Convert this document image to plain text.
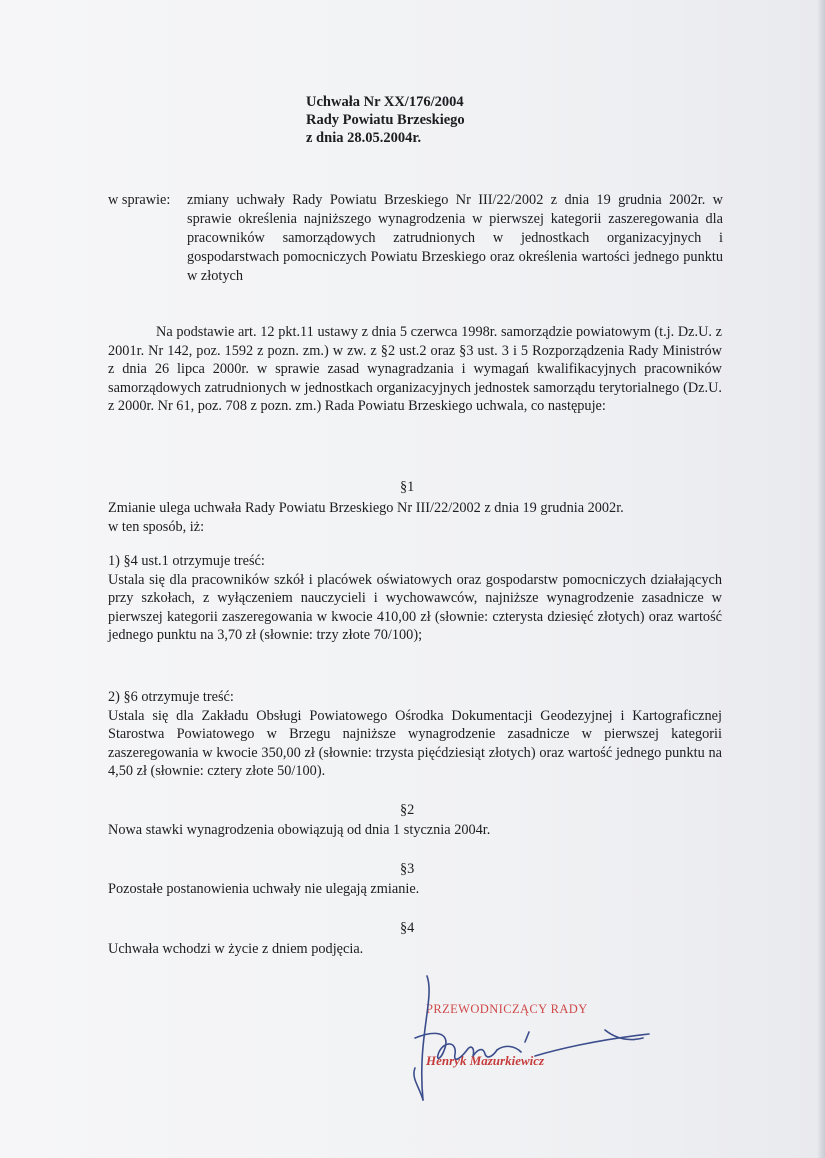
Uchwała Nr XX/176/2004
Rady Powiatu Brzeskiego
z dnia 28.05.2004r.
w sprawie: zmiany uchwały Rady Powiatu Brzeskiego Nr III/22/2002 z dnia 19 grudnia 2002r. w sprawie określenia najniższego wynagrodzenia w pierwszej kategorii zaszeregowania dla pracowników samorządowych zatrudnionych w jednostkach organizacyjnych i gospodarstwach pomocniczych Powiatu Brzeskiego oraz określenia wartości jednego punktu w złotych
Na podstawie art. 12 pkt.11 ustawy z dnia 5 czerwca 1998r. samorządzie powiatowym (t.j. Dz.U. z 2001r. Nr 142, poz. 1592 z pozn. zm.) w zw. z §2 ust.2 oraz §3 ust. 3 i 5 Rozporządzenia Rady Ministrów z dnia 26 lipca 2000r. w sprawie zasad wynagradzania i wymagań kwalifikacyjnych pracowników samorządowych zatrudnionych w jednostkach organizacyjnych jednostek samorządu terytorialnego (Dz.U. z 2000r. Nr 61, poz. 708 z pozn. zm.) Rada Powiatu Brzeskiego uchwala, co następuje:
§1
Zmianie ulega uchwała Rady Powiatu Brzeskiego Nr III/22/2002 z dnia 19 grudnia 2002r.
w ten sposób, iż:
1) §4 ust.1 otrzymuje treść:
Ustala się dla pracowników szkół i placówek oświatowych oraz gospodarstw pomocniczych działających przy szkołach, z wyłączeniem nauczycieli i wychowawców, najniższe wynagrodzenie zasadnicze w pierwszej kategorii zaszeregowania w kwocie 410,00 zł (słownie: czterysta dziesięć złotych) oraz wartość jednego punktu na 3,70 zł (słownie: trzy złote 70/100);
2) §6 otrzymuje treść:
Ustala się dla Zakładu Obsługi Powiatowego Ośrodka Dokumentacji Geodezyjnej i Kartograficznej Starostwa Powiatowego w Brzegu najniższe wynagrodzenie zasadnicze w pierwszej kategorii zaszeregowania w kwocie 350,00 zł (słownie: trzysta pięćdziesiąt złotych) oraz wartość jednego punktu na 4,50 zł (słownie: cztery złote 50/100).
§2
Nowa stawki wynagrodzenia obowiązują od dnia 1 stycznia 2004r.
§3
Pozostałe postanowienia uchwały nie ulegają zmianie.
§4
Uchwała wchodzi w życie z dniem podjęcia.
PRZEWODNICZĄCY RADY
Henryk Mazurkiewicz
